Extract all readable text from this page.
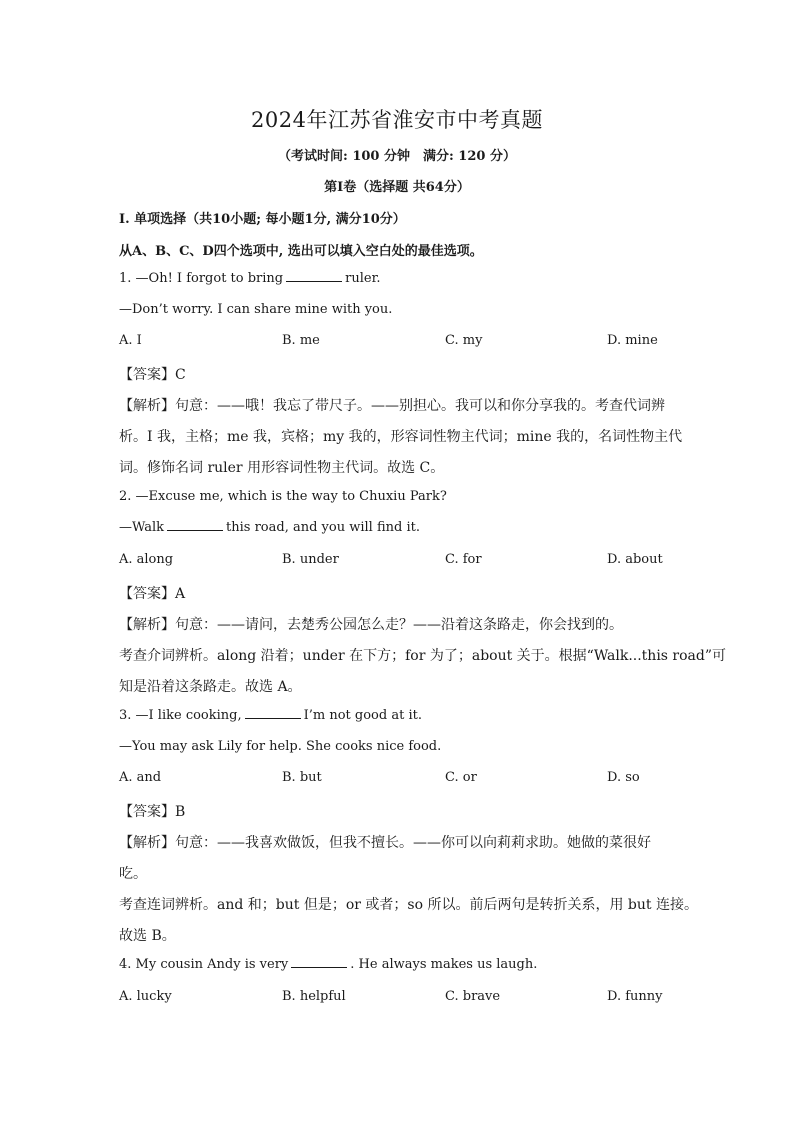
2024年江苏省淮安市中考真题
（考试时间: 100 分钟　满分: 120 分）
第Ⅰ卷（选择题 共64分）
I. 单项选择（共10小题; 每小题1分, 满分10分）
从A、B、C、D四个选项中, 选出可以填入空白处的最佳选项。
1. —Oh! I forgot to bring	ruler.
—Don’t worry. I can share mine with you.
A. I	B. me	C. my	D. mine
【答案】C
【解析】句意：——哦！我忘了带尺子。——别担心。我可以和你分享我的。考查代词辨
析。I 我，主格；me 我，宾格；my 我的，形容词性物主代词；mine 我的，名词性物主代
词。修饰名词 ruler 用形容词性物主代词。故选 C。
2. —Excuse me, which is the way to Chuxiu Park?
—Walk	this road, and you will find it.
A. along	B. under	C. for	D. about
【答案】A
【解析】句意：——请问，去楚秀公园怎么走？——沿着这条路走，你会找到的。
考查介词辨析。along 沿着；under 在下方；for 为了；about 关于。根据“Walk...this road”可
知是沿着这条路走。故选 A。
3. —I like cooking,	I’m not good at it.
—You may ask Lily for help. She cooks nice food.
A. and	B. but	C. or	D. so
【答案】B
【解析】句意：——我喜欢做饭，但我不擅长。——你可以向莉莉求助。她做的菜很好
吃。
考查连词辨析。and 和；but 但是；or 或者；so 所以。前后两句是转折关系，用 but 连接。
故选 B。
4. My cousin Andy is very	. He always makes us laugh.
A. lucky	B. helpful	C. brave	D. funny
